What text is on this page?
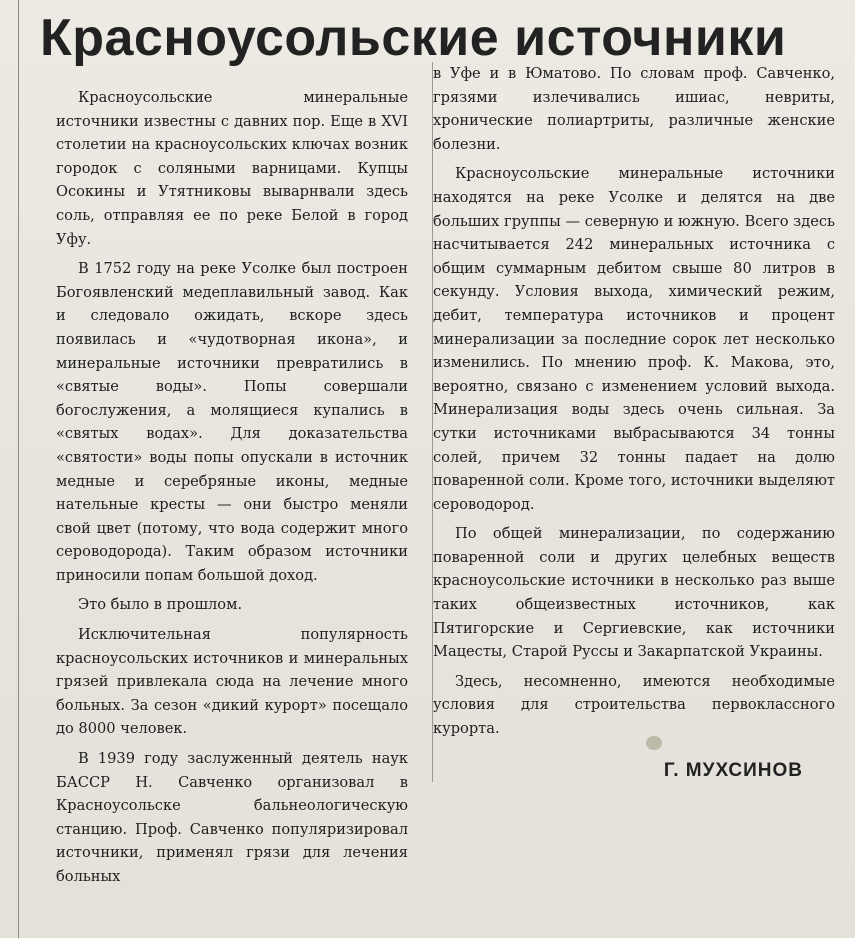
Красноусольские источники

Красноусольские минеральные источники известны с давних пор. Еще в XVI столетии на красноусольских ключах возник городок с соляными варницами. Купцы Осокины и Утятниковы выварнвали здесь соль, отправляя ее по реке Белой в город Уфу.

В 1752 году на реке Усолке был построен Богоявленский медеплавильный завод. Как и следовало ожидать, вскоре здесь появилась и «чудотворная икона», и минеральные источники превратились в «святые воды». Попы совершали богослужения, а молящиеся купались в «святых водах». Для доказательства «святости» воды попы опускали в источник медные и серебряные иконы, медные нательные кресты — они быстро меняли свой цвет (потому, что вода содержит много сероводорода). Таким образом источники приносили попам большой доход.

Это было в прошлом.

Исключительная популярность красноусольских источников и минеральных грязей привлекала сюда на лечение много больных. За сезон «дикий курорт» посещало до 8000 человек.

В 1939 году заслуженный деятель наук БАССР Н. Савченко организовал в Красноусольске бальнеологическую станцию. Проф. Савченко популяризировал источники, применял грязи для лечения больных

в Уфе и в Юматово. По словам проф. Савченко, грязями излечивались ишиас, невриты, хронические полиартриты, различные женские болезни.

Красноусольские минеральные источники находятся на реке Усолке и делятся на две больших группы — северную и южную. Всего здесь насчитывается 242 минеральных источника с общим суммарным дебитом свыше 80 литров в секунду. Условия выхода, химический режим, дебит, температура источников и процент минерализации за последние сорок лет несколько изменились. По мнению проф. К. Макова, это, вероятно, связано с изменением условий выхода. Минерализация воды здесь очень сильная. За сутки источниками выбрасываются 34 тонны солей, причем 32 тонны падает на долю поваренной соли. Кроме того, источники выделяют сероводород.

По общей минерализации, по содержанию поваренной соли и других целебных веществ красноусольские источники в несколько раз выше таких общеизвестных источников, как Пятигорские и Сергиевские, как источники Мацесты, Старой Руссы и Закарпатской Украины.

Здесь, несомненно, имеются необходимые условия для строительства первоклассного курорта.

Г. МУХСИНОВ
